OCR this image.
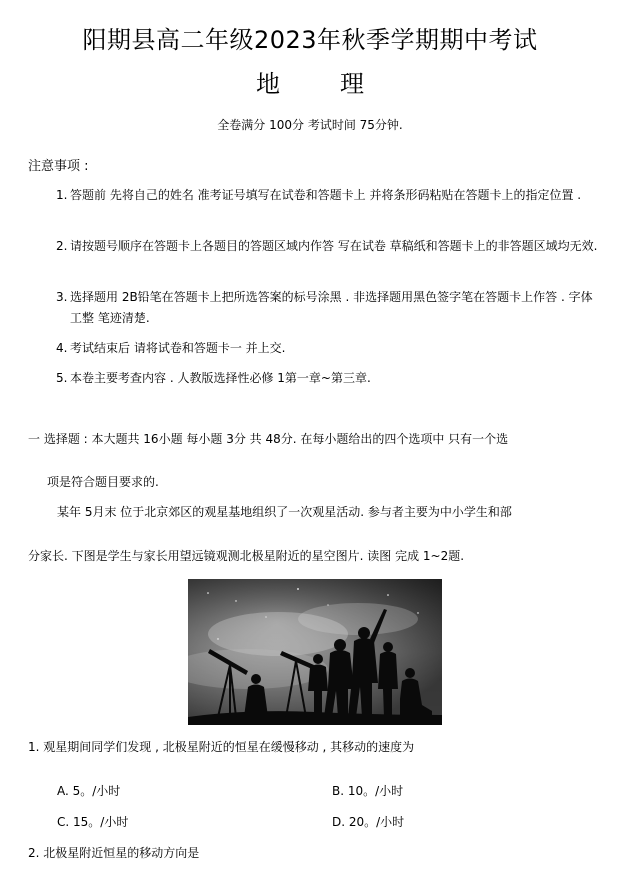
阳期县高二年级2023年秋季学期期中考试
地	理
全卷满分 100分 考试时间 75分钟.
注意事项 :
1. 答题前 先将自己的姓名 准考证号填写在试卷和答题卡上 并将条形码粘贴在答题卡上的指定位置 .
2. 请按题号顺序在答题卡上各题目的答题区域内作答 写在试卷 草稿纸和答题卡上的非答题区域均无效.
3. 选择题用 2B铅笔在答题卡上把所选答案的标号涂黑 . 非选择题用黑色签字笔在答题卡上作答 . 字体工整 笔迹清楚.
4. 考试结束后 请将试卷和答题卡一 并上交.
5. 本卷主要考查内容 . 人教版选择性必修 1第一章~第三章.
一 选择题 : 本大题共 16小题 每小题 3分 共 48分. 在每小题给出的四个选项中 只有一个选
项是符合题目要求的.
某年 5月末 位于北京郊区的观星基地组织了一次观星活动. 参与者主要为中小学生和部
分家长. 下图是学生与家长用望远镜观测北极星附近的星空图片. 读图 完成 1~2题.
1. 观星期间同学们发现 , 北极星附近的恒星在缓慢移动 , 其移动的速度为
A. 5。/小时	B. 10。/小时
C. 15。/小时	D. 20。/小时
2. 北极星附近恒星的移动方向是
